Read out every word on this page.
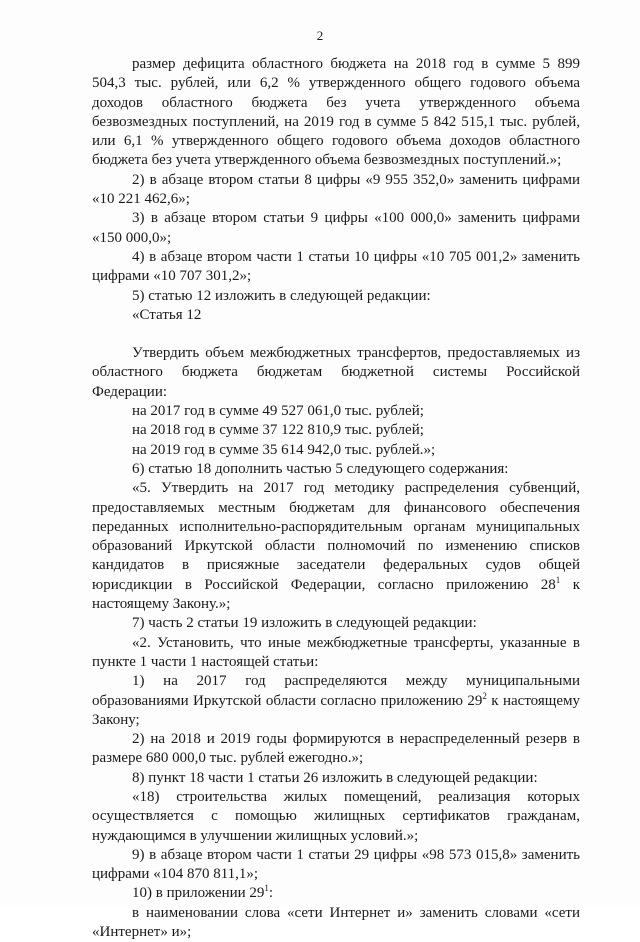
2

размер дефицита областного бюджета на 2018 год в сумме 5 899 504,3 тыс. рублей, или 6,2 % утвержденного общего годового объема доходов областного бюджета без учета утвержденного объема безвозмездных поступлений, на 2019 год в сумме 5 842 515,1 тыс. рублей, или 6,1 % утвержденного общего годового объема доходов областного бюджета без учета утвержденного объема безвозмездных поступлений.»;

2) в абзаце втором статьи 8 цифры «9 955 352,0» заменить цифрами «10 221 462,6»;

3) в абзаце втором статьи 9 цифры «100 000,0» заменить цифрами «150 000,0»;

4) в абзаце втором части 1 статьи 10 цифры «10 705 001,2» заменить цифрами «10 707 301,2»;

5) статью 12 изложить в следующей редакции:

«Статья 12

Утвердить объем межбюджетных трансфертов, предоставляемых из областного бюджета бюджетам бюджетной системы Российской Федерации:

на 2017 год в сумме 49 527 061,0 тыс. рублей;

на 2018 год в сумме 37 122 810,9 тыс. рублей;

на 2019 год в сумме 35 614 942,0 тыс. рублей.»;

6) статью 18 дополнить частью 5 следующего содержания:

«5. Утвердить на 2017 год методику распределения субвенций, предоставляемых местным бюджетам для финансового обеспечения переданных исполнительно-распорядительным органам муниципальных образований Иркутской области полномочий по изменению списков кандидатов в присяжные заседатели федеральных судов общей юрисдикции в Российской Федерации, согласно приложению $28^1$ к настоящему Закону.»;

7) часть 2 статьи 19 изложить в следующей редакции:

«2. Установить, что иные межбюджетные трансферты, указанные в пункте 1 части 1 настоящей статьи:

1) на 2017 год распределяются между муниципальными образованиями Иркутской области согласно приложению $29^2$ к настоящему Закону;

2) на 2018 и 2019 годы формируются в нераспределенный резерв в размере 680 000,0 тыс. рублей ежегодно.»;

8) пункт 18 части 1 статьи 26 изложить в следующей редакции:

«18) строительства жилых помещений, реализация которых осуществляется с помощью жилищных сертификатов гражданам, нуждающимся в улучшении жилищных условий.»;

9) в абзаце втором части 1 статьи 29 цифры «98 573 015,8» заменить цифрами «104 870 811,1»;

10) в приложении $29^1$:

в наименовании слова «сети Интернет и» заменить словами «сети «Интернет» и»;
